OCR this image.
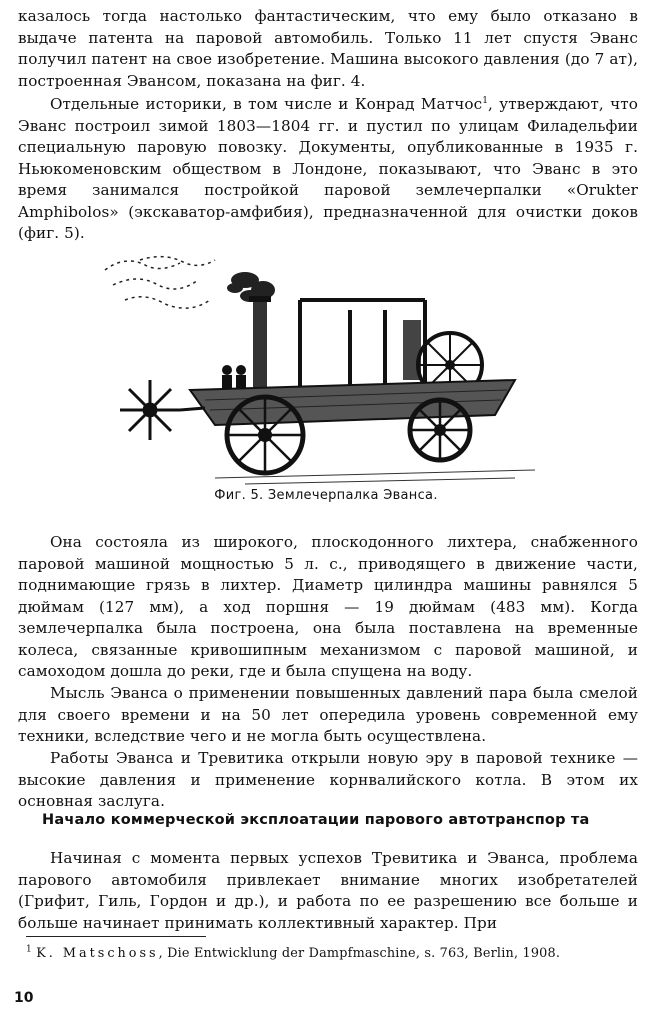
казалось тогда настолько фантастическим, что ему было отказано в выдаче патента на паровой автомобиль. Только 11 лет спустя Эванс получил патент на свое изобретение. Машина высокого давления (до 7 ат), построенная Эвансом, показана на фиг. 4.

Отдельные историки, в том числе и Конрад Матчос$^1$, утверждают, что Эванс построил зимой 1803—1804 гг. и пустил по улицам Филадельфии специальную паровую повозку. Документы, опубликованные в 1935 г. Ньюкоменовским обществом в Лондоне, показывают, что Эванс в это время занимался постройкой паровой землечерпалки «Orukter Amphibolos» (экскаватор-амфибия), предназначенной для очистки доков (фиг. 5).

Фиг. 5. Землечерпалка Эванса.

Она состояла из широкого, плоскодонного лихтера, снабженного паровой машиной мощностью 5 л. с., приводящего в движение части, поднимающие грязь в лихтер. Диаметр цилиндра машины равнялся 5 дюймам (127 мм), а ход поршня — 19 дюймам (483 мм). Когда землечерпалка была построена, она была поставлена на временные колеса, связанные кривошипным механизмом с паровой машиной, и самоходом дошла до реки, где и была спущена на воду.

Мысль Эванса о применении повышенных давлений пара была смелой для своего времени и на 50 лет опередила уровень современной ему техники, вследствие чего и не могла быть осуществлена.

Работы Эванса и Тревитика открыли новую эру в паровой технике — высокие давления и применение корнвалийского котла. В этом их основная заслуга.

Начало коммерческой эксплоатации парового автотранспор та

Начиная с момента первых успехов Тревитика и Эванса, проблема парового автомобиля привлекает внимание многих изобретателей (Грифит, Гиль, Гордон и др.), и работа по ее разрешению все больше и больше начинает принимать коллективный характер. При

$^1$ K. Matschoss, Die Entwicklung der Dampfmaschine, s. 763, Berlin, 1908.
10
